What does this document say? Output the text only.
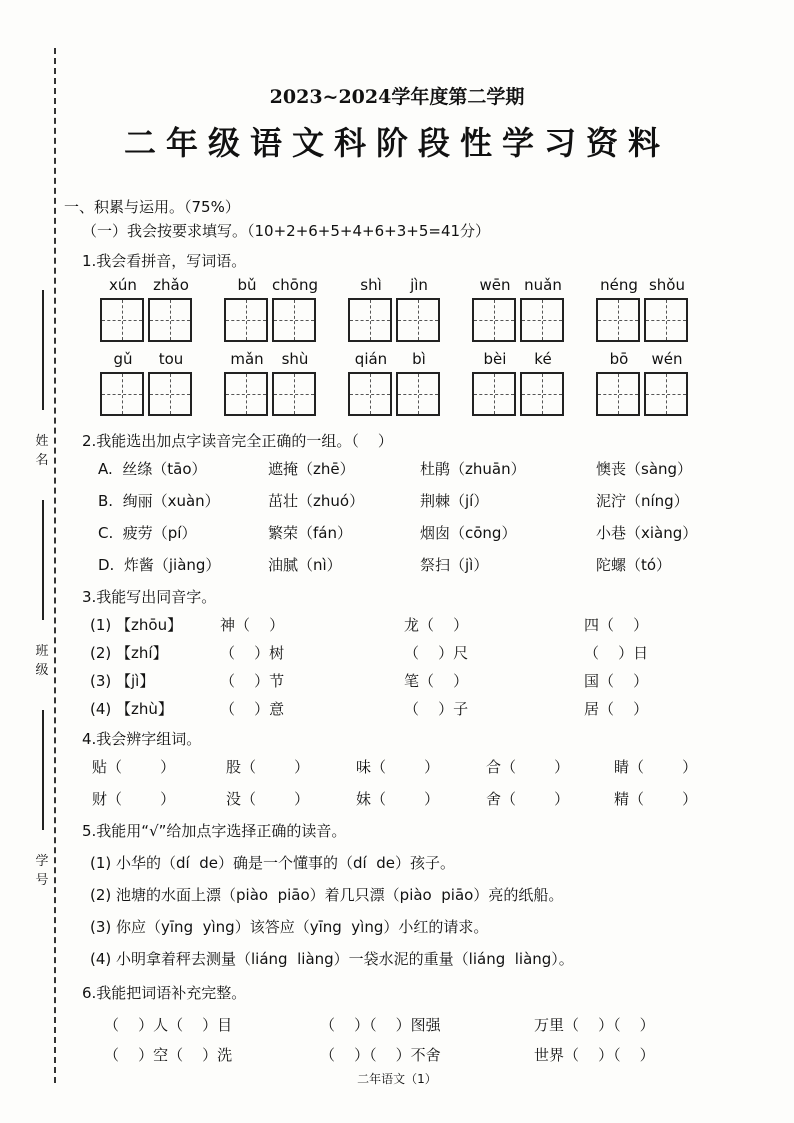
姓名
班级
学号
2023~2024学年度第二学期
二年级语文科阶段性学习资料
一、积累与运用。（75%）
（一）我会按要求填写。（10+2+6+5+4+6+3+5=41分）
1.我会看拼音，写词语。
xún	zhǎo	bǔ	chōng	shì	jìn	wēn nuǎn	néng shǒu
gǔ	tou	mǎn	shù	qián	bì	bèi	ké	bō	wén
2.我能选出加点字读音完全正确的一组。（    ）
A.  丝绦（tāo）	遮掩（zhē）	杜鹃（zhuān）	懊丧（sàng）
B.  绚丽（xuàn）	茁壮（zhuó）	荆棘（jí）	泥泞（níng）
C.  疲劳（pí）	繁荣（fán）	烟囱（cōng）	小巷（xiàng）
D.  炸酱（jiàng）	油腻（nì）	祭扫（jì）	陀螺（tó）
3.我能写出同音字。
(1) 【zhōu】	神（    ）	龙（    ）	四（    ）
(2) 【zhí】	（    ）树	（    ）尺	（    ）日
(3) 【jì】	（    ）节	笔（    ）	国（    ）
(4) 【zhù】	（    ）意	（    ）子	居（    ）
4.我会辨字组词。
贴（        ）	股（        ）	味（        ）	合（        ）	睛（        ）
财（        ）	没（        ）	妹（        ）	舍（        ）	精（        ）
5.我能用“√”给加点字选择正确的读音。
(1) 小华的（dí  de）确是一个懂事的（dí  de）孩子。
(2) 池塘的水面上漂（piào  piāo）着几只漂（piào  piāo）亮的纸船。
(3) 你应（yīng  yìng）该答应（yīng  yìng）小红的请求。
(4) 小明拿着秤去测量（liáng  liàng）一袋水泥的重量（liáng  liàng）。
6.我能把词语补充完整。
（    ）人（    ）目	（    ）（    ）图强	万里（    ）（    ）
（    ）空（    ）洗	（    ）（    ）不舍	世界（    ）（    ）
二年语文（1）
